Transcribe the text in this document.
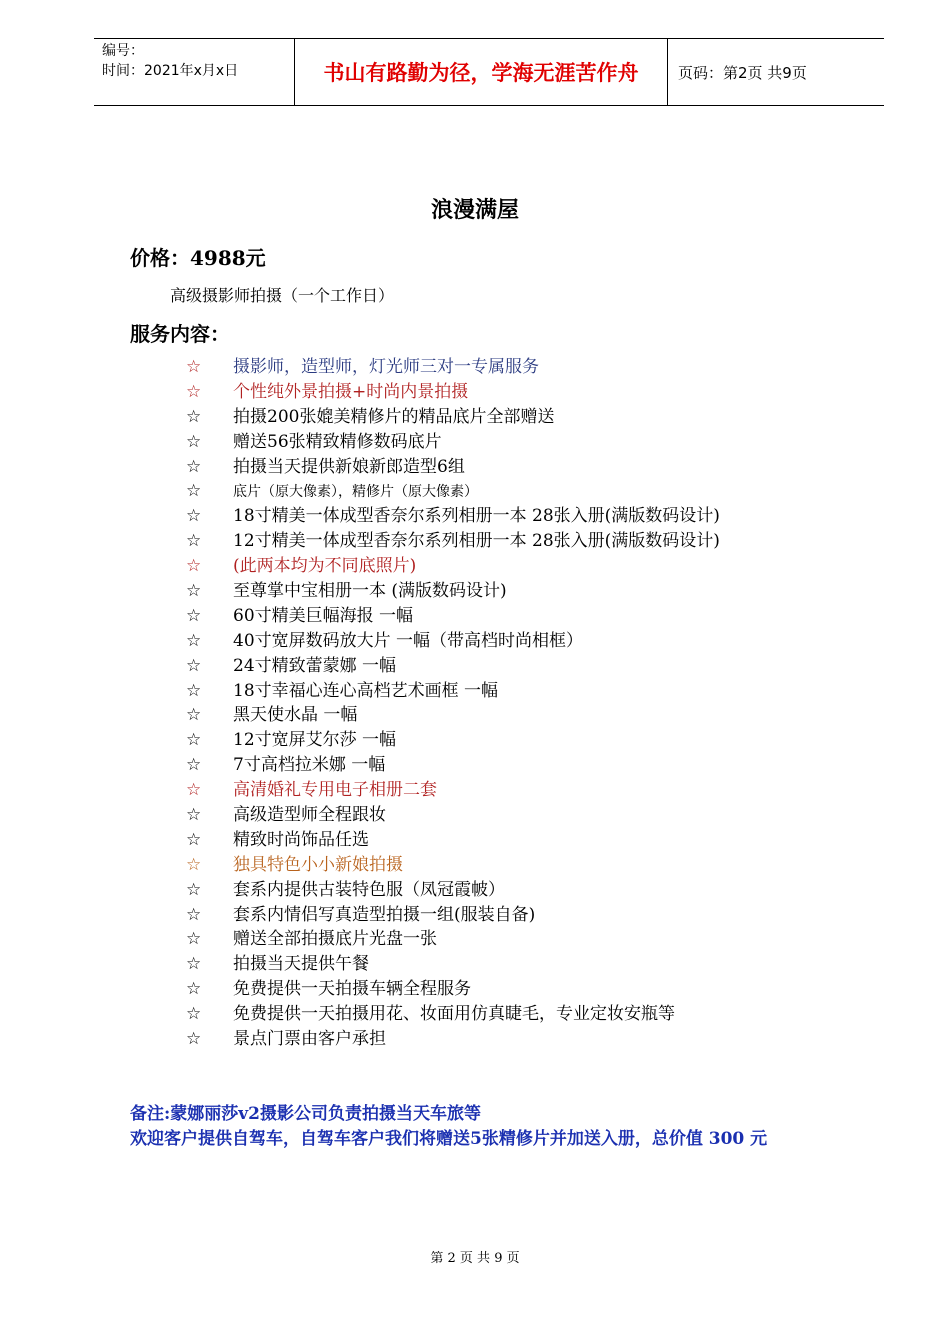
编号：
时间：2021年x月x日	书山有路勤为径，学海无涯苦作舟	页码：第2页 共9页
浪漫满屋
价格：4988元
高级摄影师拍摄（一个工作日）
服务内容：
☆ 摄影师，造型师，灯光师三对一专属服务
☆ 个性纯外景拍摄+时尚内景拍摄
☆ 拍摄200张媲美精修片的精品底片全部赠送
☆ 赠送56张精致精修数码底片
☆ 拍摄当天提供新娘新郎造型6组
☆ 底片（原大像素），精修片（原大像素）
☆ 18寸精美一体成型香奈尔系列相册一本 28张入册(满版数码设计)
☆ 12寸精美一体成型香奈尔系列相册一本 28张入册(满版数码设计)
☆ (此两本均为不同底照片)
☆ 至尊掌中宝相册一本 (满版数码设计)
☆ 60寸精美巨幅海报 一幅
☆ 40寸宽屏数码放大片 一幅（带高档时尚相框）
☆ 24寸精致蕾蒙娜 一幅
☆ 18寸幸福心连心高档艺术画框 一幅
☆ 黑天使水晶 一幅
☆ 12寸宽屏艾尔莎 一幅
☆ 7寸高档拉米娜 一幅
☆ 高清婚礼专用电子相册二套
☆ 高级造型师全程跟妆
☆ 精致时尚饰品任选
☆ 独具特色小小新娘拍摄
☆ 套系内提供古装特色服（凤冠霞帔）
☆ 套系内情侣写真造型拍摄一组(服装自备)
☆ 赠送全部拍摄底片光盘一张
☆ 拍摄当天提供午餐
☆ 免费提供一天拍摄车辆全程服务
☆ 免费提供一天拍摄用花、妆面用仿真睫毛，专业定妆安瓶等
☆ 景点门票由客户承担
备注:蒙娜丽莎v2摄影公司负责拍摄当天车旅等
欢迎客户提供自驾车，自驾车客户我们将赠送5张精修片并加送入册，总价值 300 元
第 2 页 共 9 页
